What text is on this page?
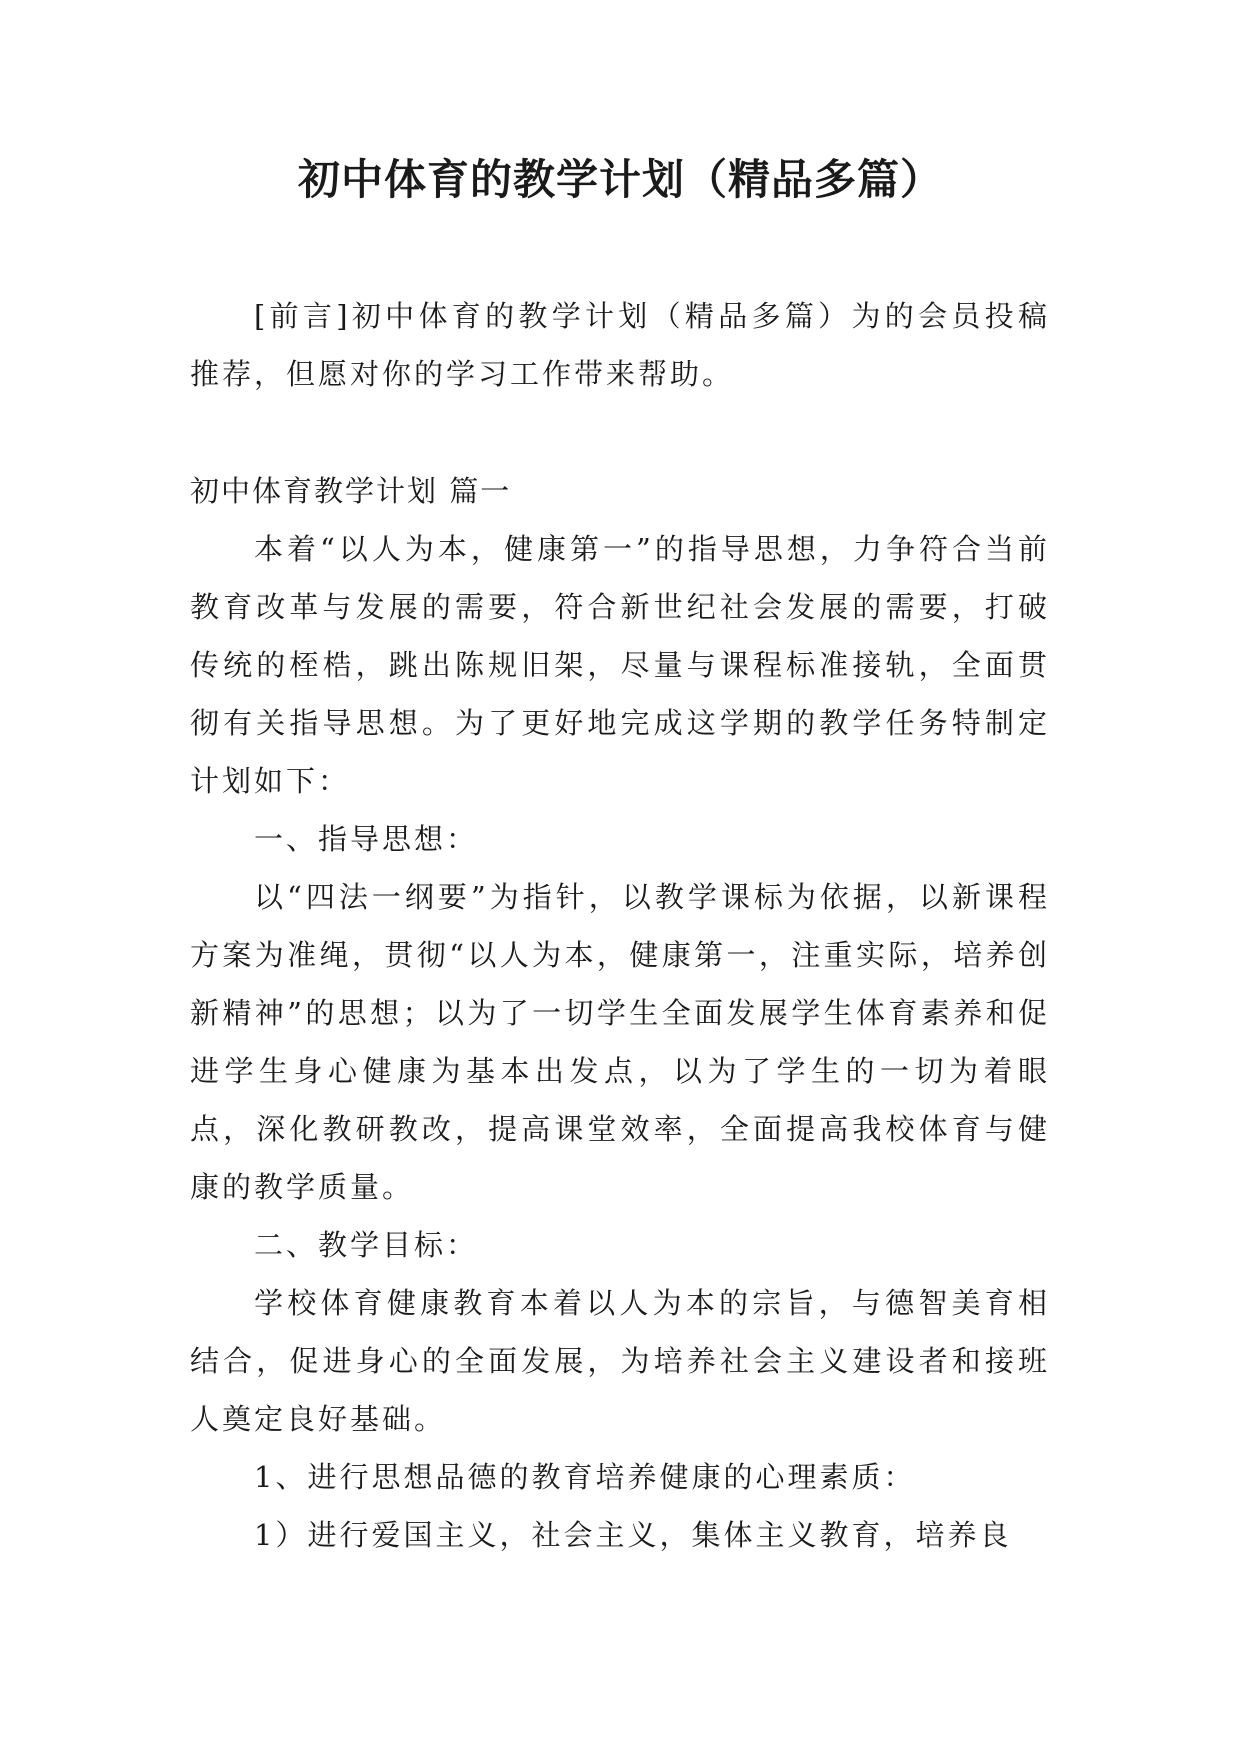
初中体育的教学计划（精品多篇）

[前言]初中体育的教学计划（精品多篇）为的会员投稿推荐，但愿对你的学习工作带来帮助。

初中体育教学计划 篇一

本着“以人为本，健康第一”的指导思想，力争符合当前教育改革与发展的需要，符合新世纪社会发展的需要，打破传统的桎梏，跳出陈规旧架，尽量与课程标准接轨，全面贯彻有关指导思想。为了更好地完成这学期的教学任务特制定计划如下：

一、指导思想：

以“四法一纲要”为指针，以教学课标为依据，以新课程方案为准绳，贯彻“以人为本，健康第一，注重实际，培养创新精神”的思想；以为了一切学生全面发展学生体育素养和促进学生身心健康为基本出发点，以为了学生的一切为着眼点，深化教研教改，提高课堂效率，全面提高我校体育与健康的教学质量。

二、教学目标：

学校体育健康教育本着以人为本的宗旨，与德智美育相结合，促进身心的全面发展，为培养社会主义建设者和接班人奠定良好基础。

1、进行思想品德的教育培养健康的心理素质：

1）进行爱国主义，社会主义，集体主义教育，培养良
